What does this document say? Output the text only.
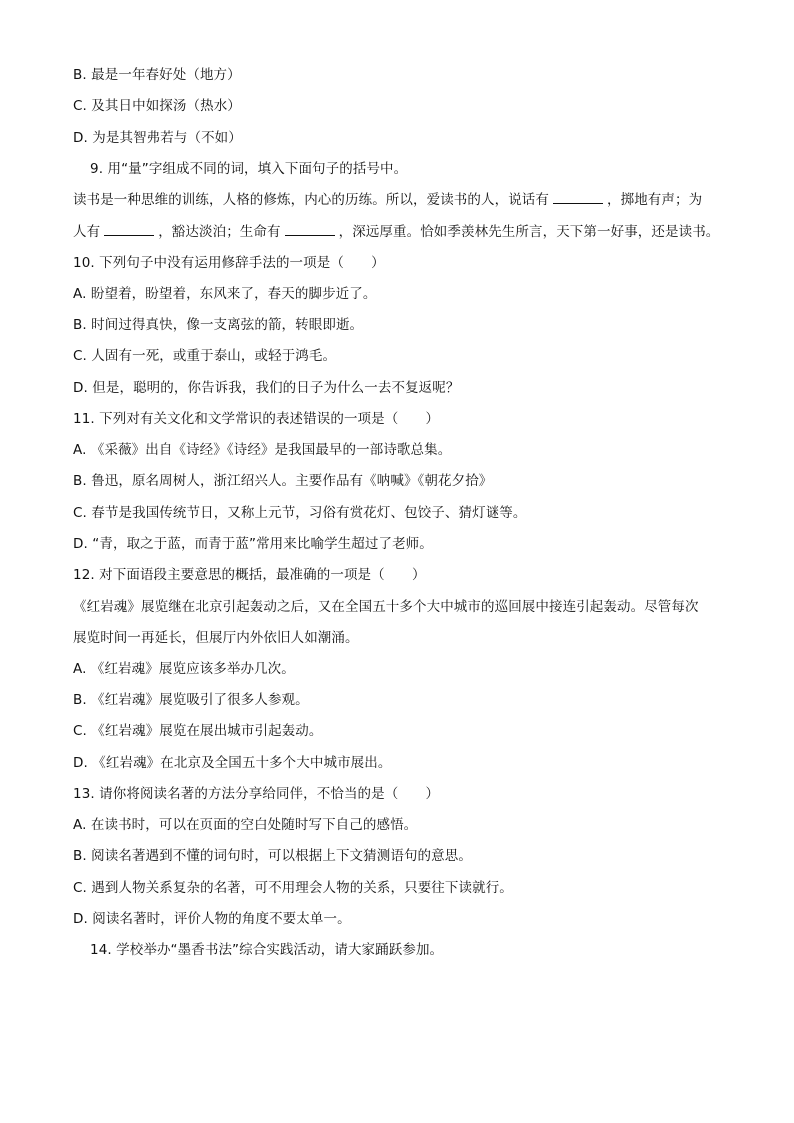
B. 最是一年春好处（地方）
C. 及其日中如探汤（热水）
D. 为是其智弗若与（不如）
9. 用“量”字组成不同的词，填入下面句子的括号中。
读书是一种思维的训练，人格的修炼，内心的历练。所以，爱读书的人，说话有	，掷地有声；为
人有	，豁达淡泊；生命有	，深远厚重。恰如季羡林先生所言，天下第一好事，还是读书。
10. 下列句子中没有运用修辞手法的一项是（　　）
A. 盼望着，盼望着，东风来了，春天的脚步近了。
B. 时间过得真快，像一支离弦的箭，转眼即逝。
C. 人固有一死，或重于泰山，或轻于鸿毛。
D. 但是，聪明的，你告诉我，我们的日子为什么一去不复返呢？
11. 下列对有关文化和文学常识的表述错误的一项是（　　）
A. 《采薇》出自《诗经》《诗经》是我国最早的一部诗歌总集。
B. 鲁迅，原名周树人，浙江绍兴人。主要作品有《呐喊》《朝花夕拾》
C. 春节是我国传统节日，又称上元节，习俗有赏花灯、包饺子、猜灯谜等。
D. “青，取之于蓝，而青于蓝”常用来比喻学生超过了老师。
12. 对下面语段主要意思的概括，最准确的一项是（　　）
《红岩魂》展览继在北京引起轰动之后，又在全国五十多个大中城市的巡回展中接连引起轰动。尽管每次
展览时间一再延长，但展厅内外依旧人如潮涌。
A. 《红岩魂》展览应该多举办几次。
B. 《红岩魂》展览吸引了很多人参观。
C. 《红岩魂》展览在展出城市引起轰动。
D. 《红岩魂》在北京及全国五十多个大中城市展出。
13. 请你将阅读名著的方法分享给同伴，不恰当的是（　　）
A. 在读书时，可以在页面的空白处随时写下自己的感悟。
B. 阅读名著遇到不懂的词句时，可以根据上下文猜测语句的意思。
C. 遇到人物关系复杂的名著，可不用理会人物的关系，只要往下读就行。
D. 阅读名著时，评价人物的角度不要太单一。
14. 学校举办“墨香书法”综合实践活动，请大家踊跃参加。
